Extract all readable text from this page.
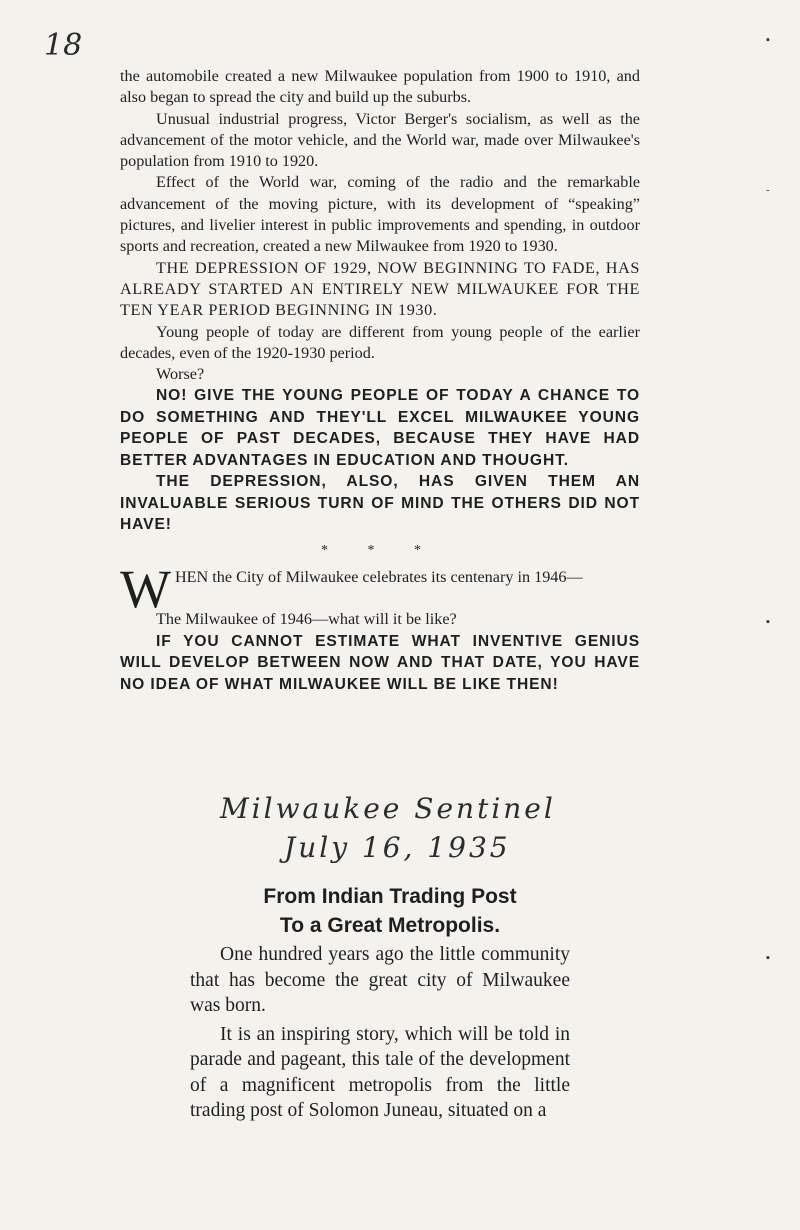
18	▪
-
▪
▪

the automobile created a new Milwaukee population from 1900 to 1910, and also began to spread the city and build up the suburbs.

Unusual industrial progress, Victor Berger's socialism, as well as the advancement of the motor vehicle, and the World war, made over Milwaukee's population from 1910 to 1920.

Effect of the World war, coming of the radio and the remarkable advancement of the moving picture, with its development of “speaking” pictures, and livelier interest in public improvements and spending, in outdoor sports and recreation, created a new Milwaukee from 1920 to 1930.

THE DEPRESSION OF 1929, NOW BEGINNING TO FADE, HAS ALREADY STARTED AN ENTIRELY NEW MILWAUKEE FOR THE TEN YEAR PERIOD BEGINNING IN 1930.

Young people of today are different from young people of the earlier decades, even of the 1920-1930 period.

Worse?

NO! GIVE THE YOUNG PEOPLE OF TODAY A CHANCE TO DO SOMETHING AND THEY'LL EXCEL MILWAUKEE YOUNG PEOPLE OF PAST DECADES, BECAUSE THEY HAVE HAD BETTER ADVANTAGES IN EDUCATION AND THOUGHT.

THE DEPRESSION, ALSO, HAS GIVEN THEM AN INVALUABLE SERIOUS TURN OF MIND THE OTHERS DID NOT HAVE!

* * *

WHEN the City of Milwaukee celebrates its centenary in 1946—

The Milwaukee of 1946—what will it be like?

IF YOU CANNOT ESTIMATE WHAT INVENTIVE GENIUS WILL DEVELOP BETWEEN NOW AND THAT DATE, YOU HAVE NO IDEA OF WHAT MILWAUKEE WILL BE LIKE THEN!

Milwaukee Sentinel
July 16, 1935
From Indian Trading Post
To a Great Metropolis.

One hundred years ago the little community that has become the great city of Milwaukee was born.

It is an inspiring story, which will be told in parade and pageant, this tale of the development of a magnificent metropolis from the little trading post of Solomon Juneau, situated on a
